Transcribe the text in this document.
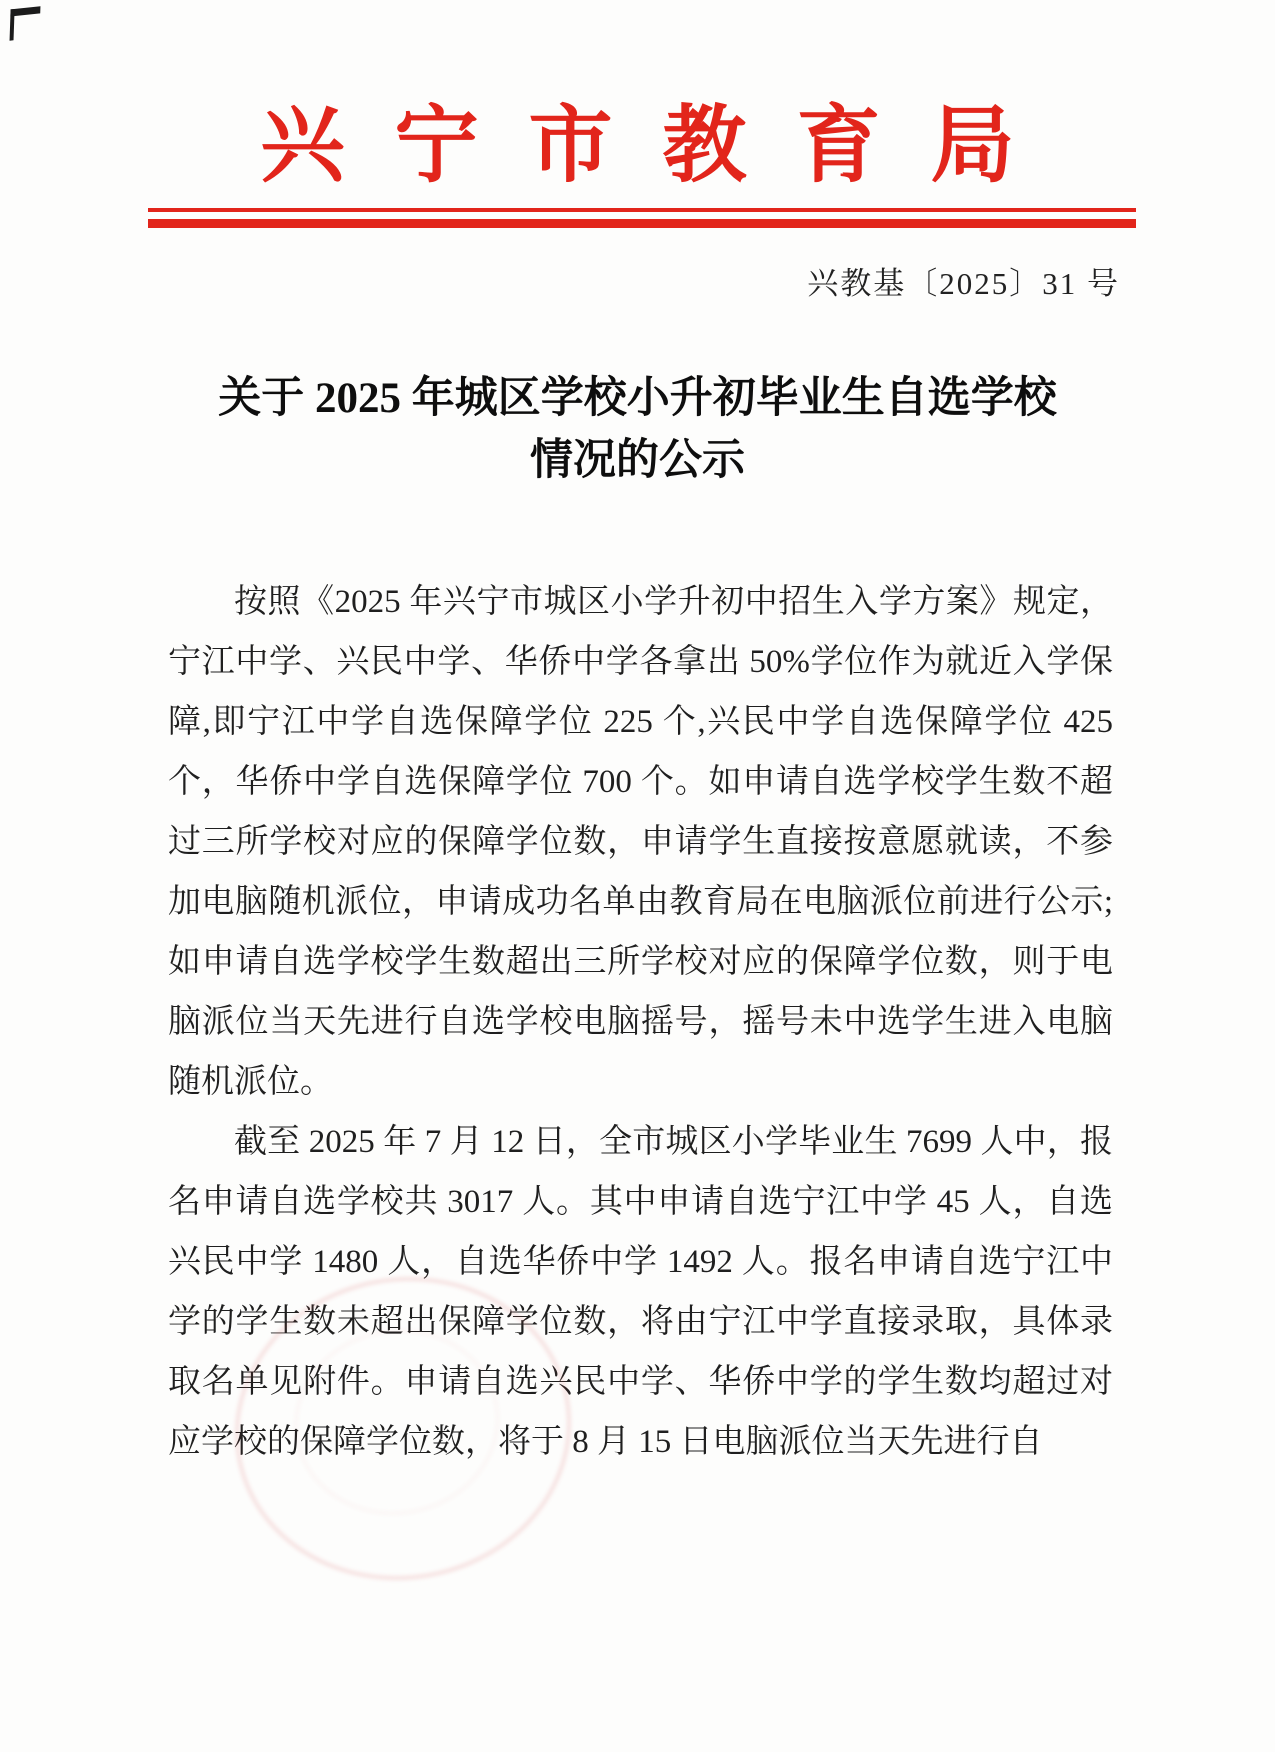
兴宁市教育局
兴教基〔2025〕31 号
关于 2025 年城区学校小升初毕业生自选学校
情况的公示

按照《2025 年兴宁市城区小学升初中招生入学方案》规定，宁江中学、兴民中学、华侨中学各拿出 50%学位作为就近入学保障,即宁江中学自选保障学位 225 个,兴民中学自选保障学位 425 个，华侨中学自选保障学位 700 个。如申请自选学校学生数不超过三所学校对应的保障学位数，申请学生直接按意愿就读，不参加电脑随机派位，申请成功名单由教育局在电脑派位前进行公示;如申请自选学校学生数超出三所学校对应的保障学位数，则于电脑派位当天先进行自选学校电脑摇号，摇号未中选学生进入电脑随机派位。

截至 2025 年 7 月 12 日，全市城区小学毕业生 7699 人中，报名申请自选学校共 3017 人。其中申请自选宁江中学 45 人，自选兴民中学 1480 人，自选华侨中学 1492 人。报名申请自选宁江中学的学生数未超出保障学位数，将由宁江中学直接录取，具体录取名单见附件。申请自选兴民中学、华侨中学的学生数均超过对应学校的保障学位数，将于 8 月 15 日电脑派位当天先进行自
